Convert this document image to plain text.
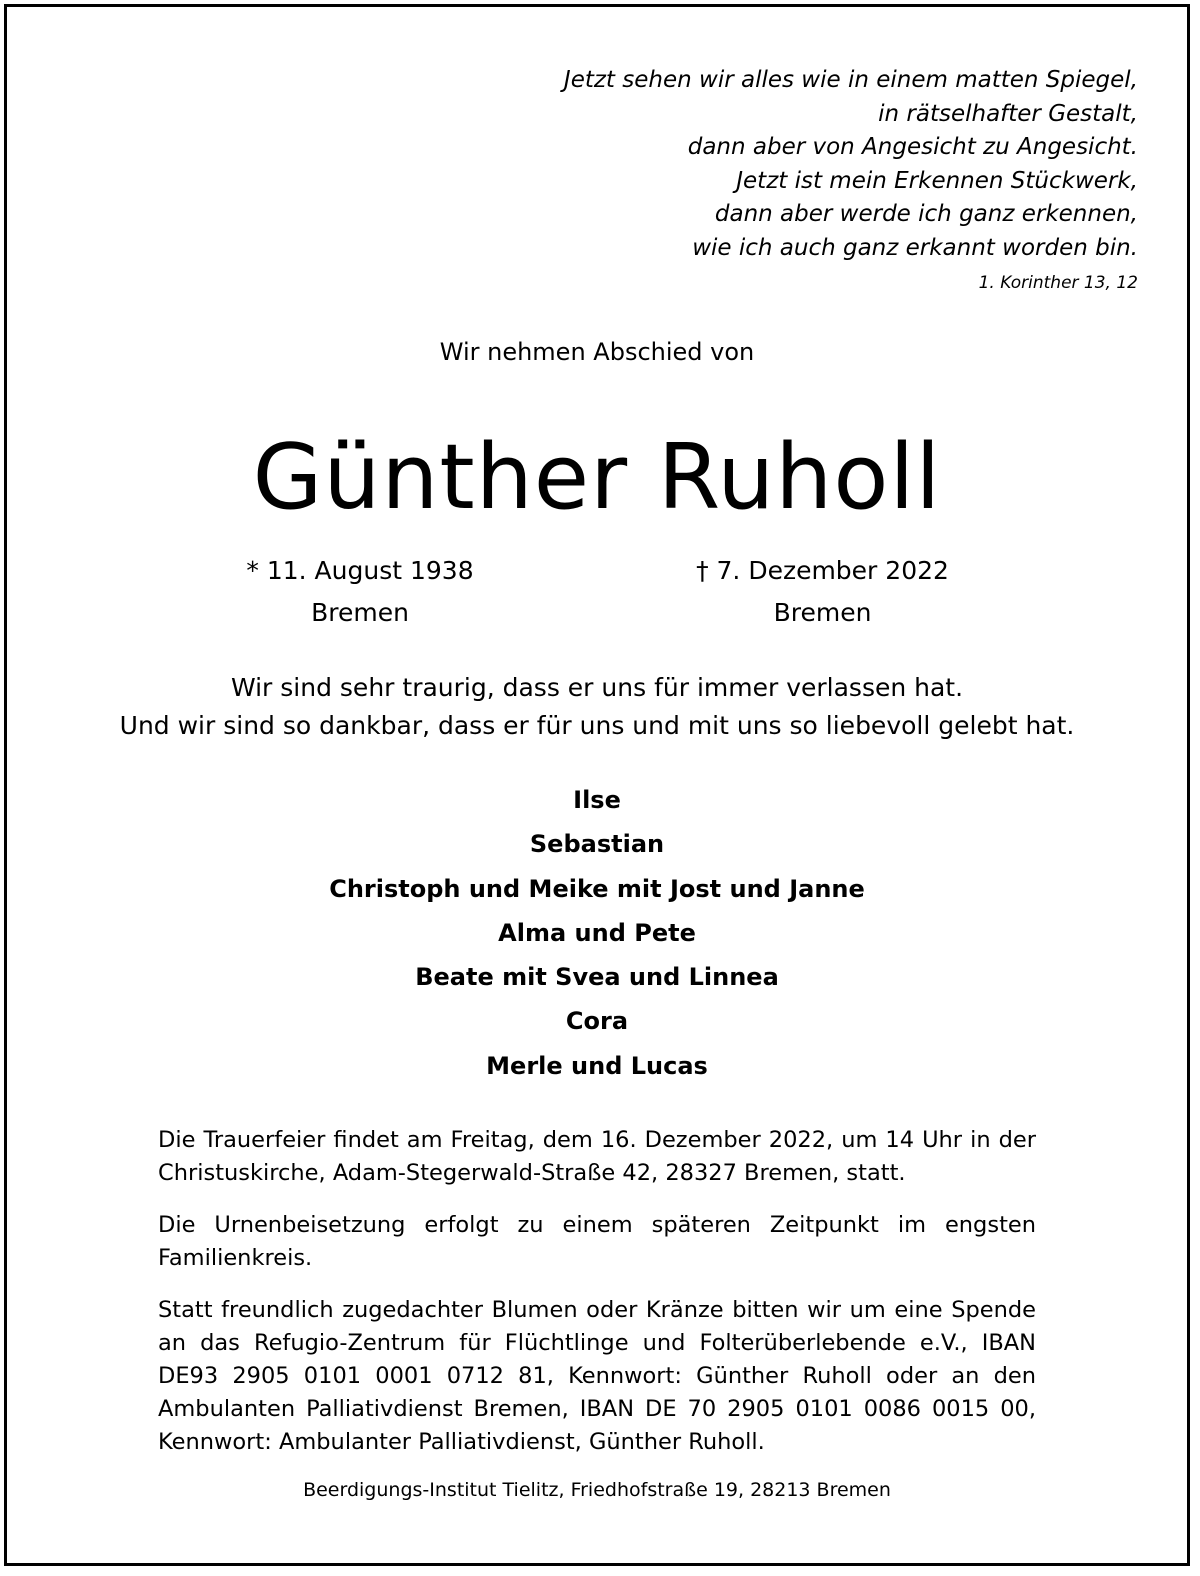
Jetzt sehen wir alles wie in einem matten Spiegel,
in rätselhafter Gestalt,
dann aber von Angesicht zu Angesicht.
Jetzt ist mein Erkennen Stückwerk,
dann aber werde ich ganz erkennen,
wie ich auch ganz erkannt worden bin.
1. Korinther 13, 12
Wir nehmen Abschied von
Günther Ruholl
* 11. August 1938
Bremen
† 7. Dezember 2022
Bremen
Wir sind sehr traurig, dass er uns für immer verlassen hat.
Und wir sind so dankbar, dass er für uns und mit uns so liebevoll gelebt hat.
Ilse
Sebastian
Christoph und Meike mit Jost und Janne
Alma und Pete
Beate mit Svea und Linnea
Cora
Merle und Lucas

Die Trauerfeier findet am Freitag, dem 16. Dezember 2022, um 14 Uhr in der Christuskirche, Adam-Stegerwald-Straße 42, 28327 Bremen, statt.

Die Urnenbeisetzung erfolgt zu einem späteren Zeitpunkt im engsten Familienkreis.

Statt freundlich zugedachter Blumen oder Kränze bitten wir um eine Spende an das Refugio-Zentrum für Flüchtlinge und Folterüberlebende e.V., IBAN DE93 2905 0101 0001 0712 81, Kennwort: Günther Ruholl oder an den Ambulanten Palliativdienst Bremen, IBAN DE 70 2905 0101 0086 0015 00, Kennwort: Ambulanter Palliativdienst, Günther Ruholl.

Beerdigungs-Institut Tielitz, Friedhofstraße 19, 28213 Bremen
